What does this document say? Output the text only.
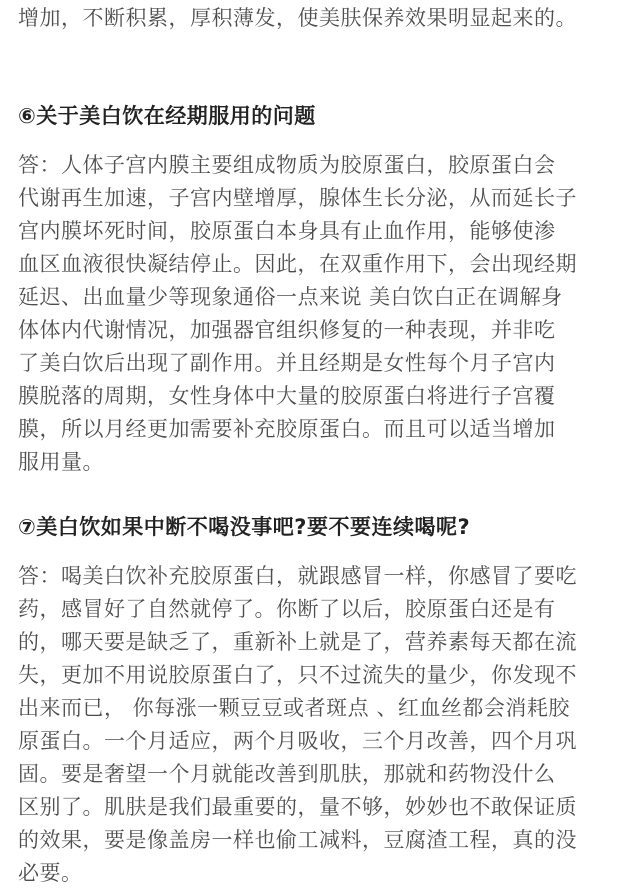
增加，不断积累，厚积薄发，使美肤保养效果明显起来的。
⑥关于美白饮在经期服用的问题
答：人体子宫内膜主要组成物质为胶原蛋白，胶原蛋白会
代谢再生加速，子宫内壁增厚，腺体生长分泌，从而延长子
宫内膜坏死时间，胶原蛋白本身具有止血作用，能够使渗
血区血液很快凝结停止。因此，在双重作用下，会出现经期
延迟、出血量少等现象通俗一点来说 美白饮白正在调解身
体体内代谢情况，加强器官组织修复的一种表现，并非吃
了美白饮后出现了副作用。并且经期是女性每个月子宫内
膜脱落的周期，女性身体中大量的胶原蛋白将进行子宫覆
膜，所以月经更加需要补充胶原蛋白。而且可以适当增加
服用量。
⑦美白饮如果中断不喝没事吧?要不要连续喝呢?
答：喝美白饮补充胶原蛋白，就跟感冒一样，你感冒了要吃
药，感冒好了自然就停了。你断了以后，胶原蛋白还是有
的，哪天要是缺乏了，重新补上就是了，营养素每天都在流
失，更加不用说胶原蛋白了，只不过流失的量少，你发现不
出来而已， 你每涨一颗豆豆或者斑点 、红血丝都会消耗胶
原蛋白。一个月适应，两个月吸收，三个月改善，四个月巩
固。要是奢望一个月就能改善到肌肤，那就和药物没什么
区别了。肌肤是我们最重要的，量不够，妙妙也不敢保证质
的效果，要是像盖房一样也偷工减料，豆腐渣工程，真的没
必要。
